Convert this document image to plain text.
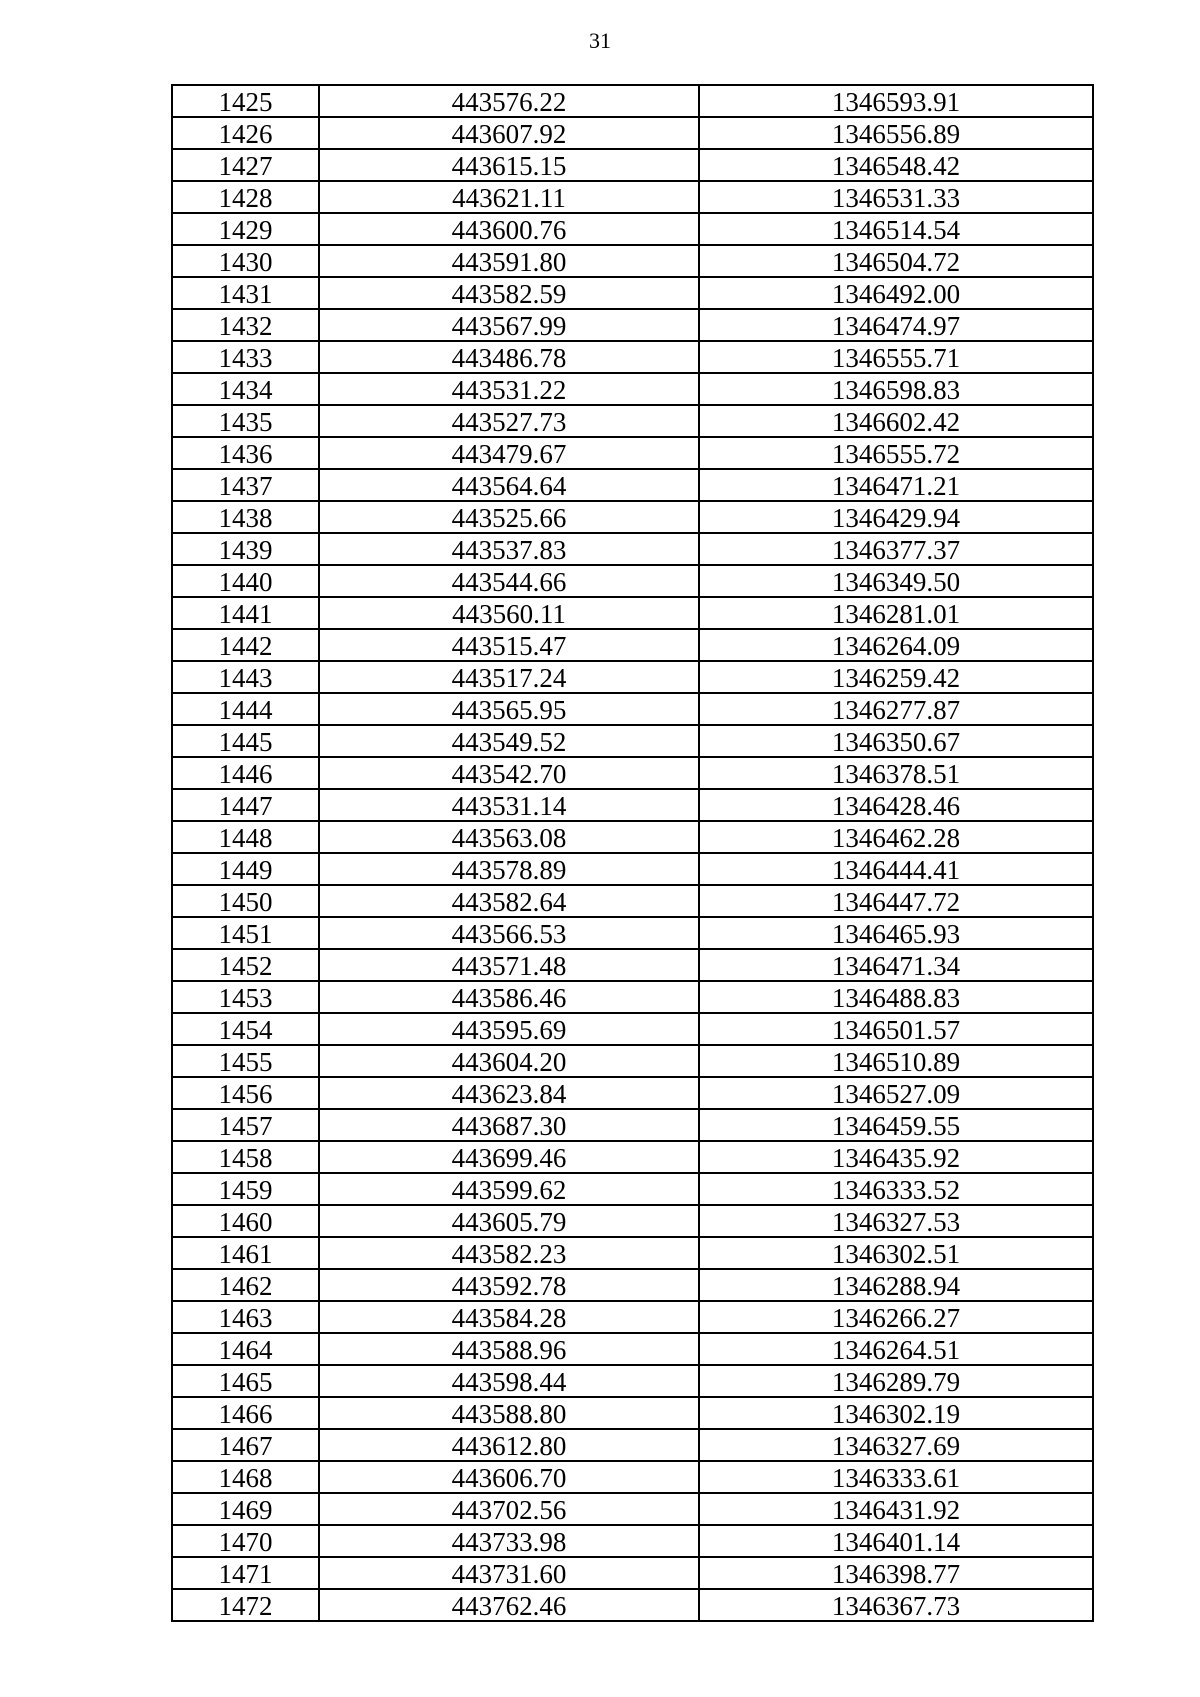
31
1425	443576.22	1346593.91
1426	443607.92	1346556.89
1427	443615.15	1346548.42
1428	443621.11	1346531.33
1429	443600.76	1346514.54
1430	443591.80	1346504.72
1431	443582.59	1346492.00
1432	443567.99	1346474.97
1433	443486.78	1346555.71
1434	443531.22	1346598.83
1435	443527.73	1346602.42
1436	443479.67	1346555.72
1437	443564.64	1346471.21
1438	443525.66	1346429.94
1439	443537.83	1346377.37
1440	443544.66	1346349.50
1441	443560.11	1346281.01
1442	443515.47	1346264.09
1443	443517.24	1346259.42
1444	443565.95	1346277.87
1445	443549.52	1346350.67
1446	443542.70	1346378.51
1447	443531.14	1346428.46
1448	443563.08	1346462.28
1449	443578.89	1346444.41
1450	443582.64	1346447.72
1451	443566.53	1346465.93
1452	443571.48	1346471.34
1453	443586.46	1346488.83
1454	443595.69	1346501.57
1455	443604.20	1346510.89
1456	443623.84	1346527.09
1457	443687.30	1346459.55
1458	443699.46	1346435.92
1459	443599.62	1346333.52
1460	443605.79	1346327.53
1461	443582.23	1346302.51
1462	443592.78	1346288.94
1463	443584.28	1346266.27
1464	443588.96	1346264.51
1465	443598.44	1346289.79
1466	443588.80	1346302.19
1467	443612.80	1346327.69
1468	443606.70	1346333.61
1469	443702.56	1346431.92
1470	443733.98	1346401.14
1471	443731.60	1346398.77
1472	443762.46	1346367.73
